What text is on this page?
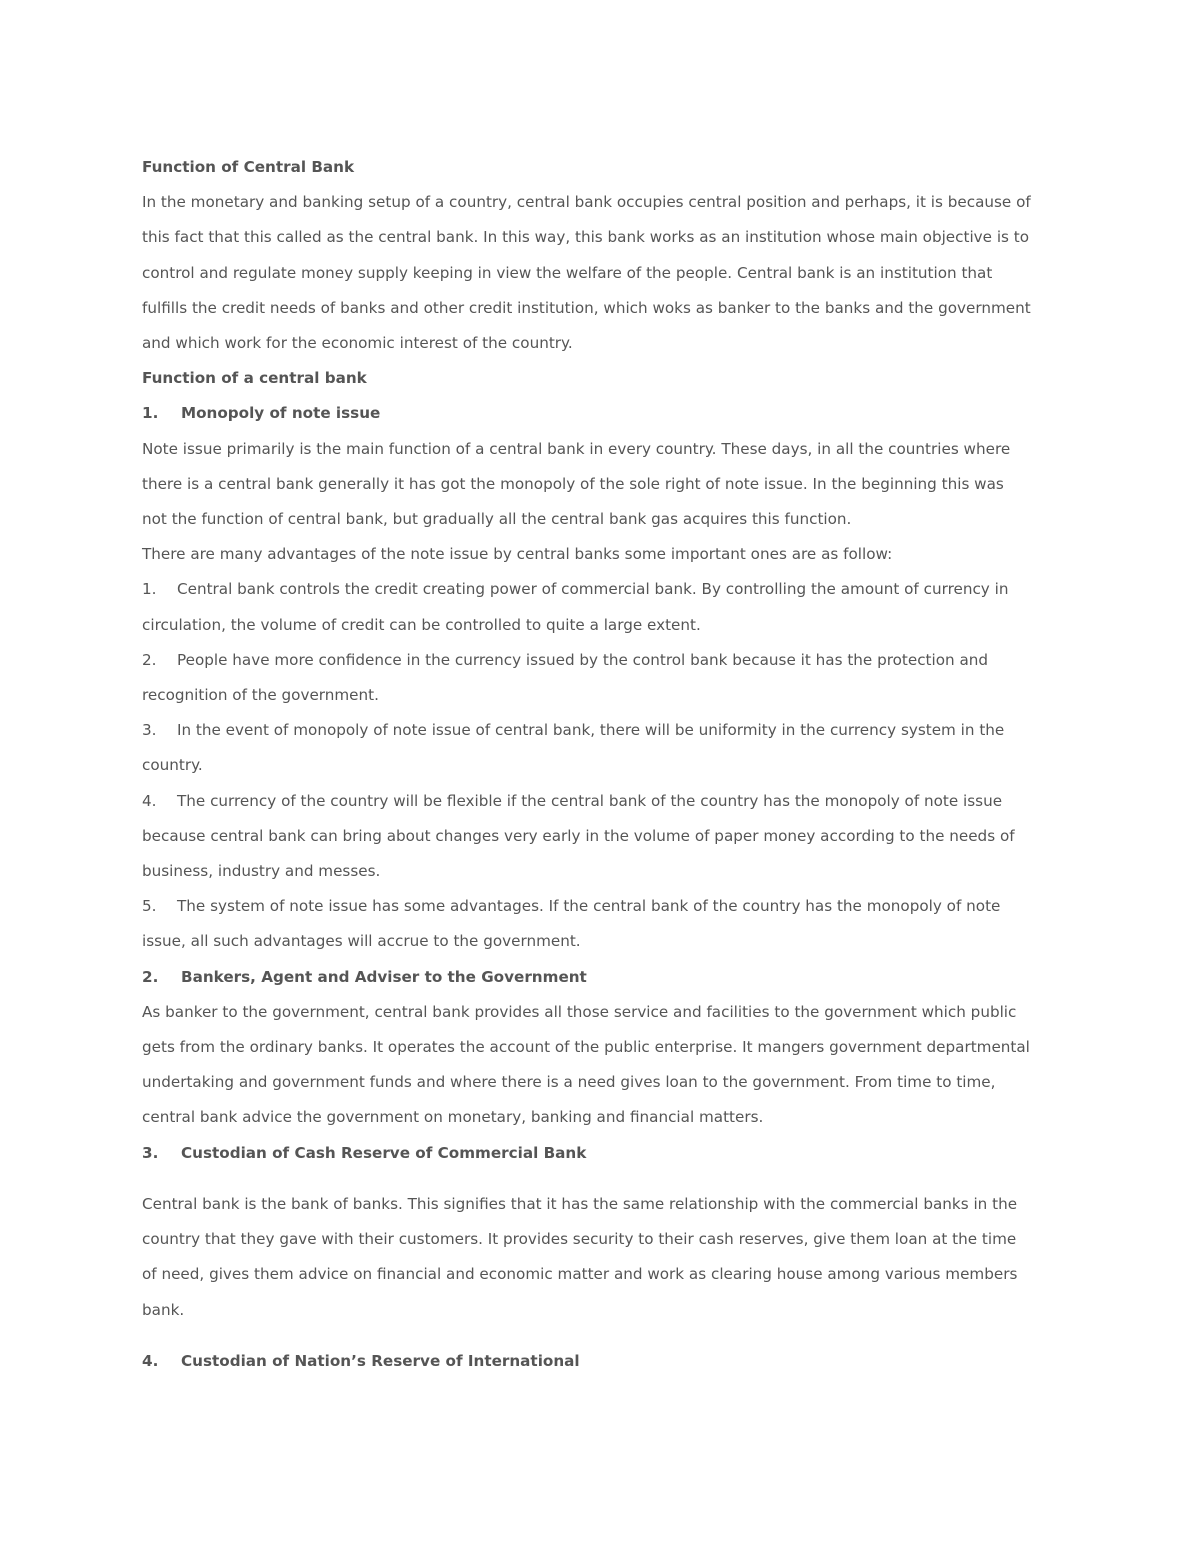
Function of Central Bank

In the monetary and banking setup of a country, central bank occupies central position and perhaps, it is because of

this fact that this called as the central bank. In this way, this bank works as an institution whose main objective is to

control and regulate money supply keeping in view the welfare of the people. Central bank is an institution that

fulfills the credit needs of banks and other credit institution, which woks as banker to the banks and the government

and which work for the economic interest of the country.

Function of a central bank

1. Monopoly of note issue

Note issue primarily is the main function of a central bank in every country. These days, in all the countries where

there is a central bank generally it has got the monopoly of the sole right of note issue. In the beginning this was

not the function of central bank, but gradually all the central bank gas acquires this function.

There are many advantages of the note issue by central banks some important ones are as follow:

1. Central bank controls the credit creating power of commercial bank. By controlling the amount of currency in

circulation, the volume of credit can be controlled to quite a large extent.

2. People have more confidence in the currency issued by the control bank because it has the protection and

recognition of the government.

3. In the event of monopoly of note issue of central bank, there will be uniformity in the currency system in the

country.

4. The currency of the country will be flexible if the central bank of the country has the monopoly of note issue

because central bank can bring about changes very early in the volume of paper money according to the needs of

business, industry and messes.

5. The system of note issue has some advantages. If the central bank of the country has the monopoly of note

issue, all such advantages will accrue to the government.

2. Bankers, Agent and Adviser to the Government

As banker to the government, central bank provides all those service and facilities to the government which public

gets from the ordinary banks. It operates the account of the public enterprise. It mangers government departmental

undertaking and government funds and where there is a need gives loan to the government. From time to time,

central bank advice the government on monetary, banking and financial matters.

3. Custodian of Cash Reserve of Commercial Bank

Central bank is the bank of banks. This signifies that it has the same relationship with the commercial banks in the

country that they gave with their customers. It provides security to their cash reserves, give them loan at the time

of need, gives them advice on financial and economic matter and work as clearing house among various members

bank.

4. Custodian of Nation’s Reserve of International
